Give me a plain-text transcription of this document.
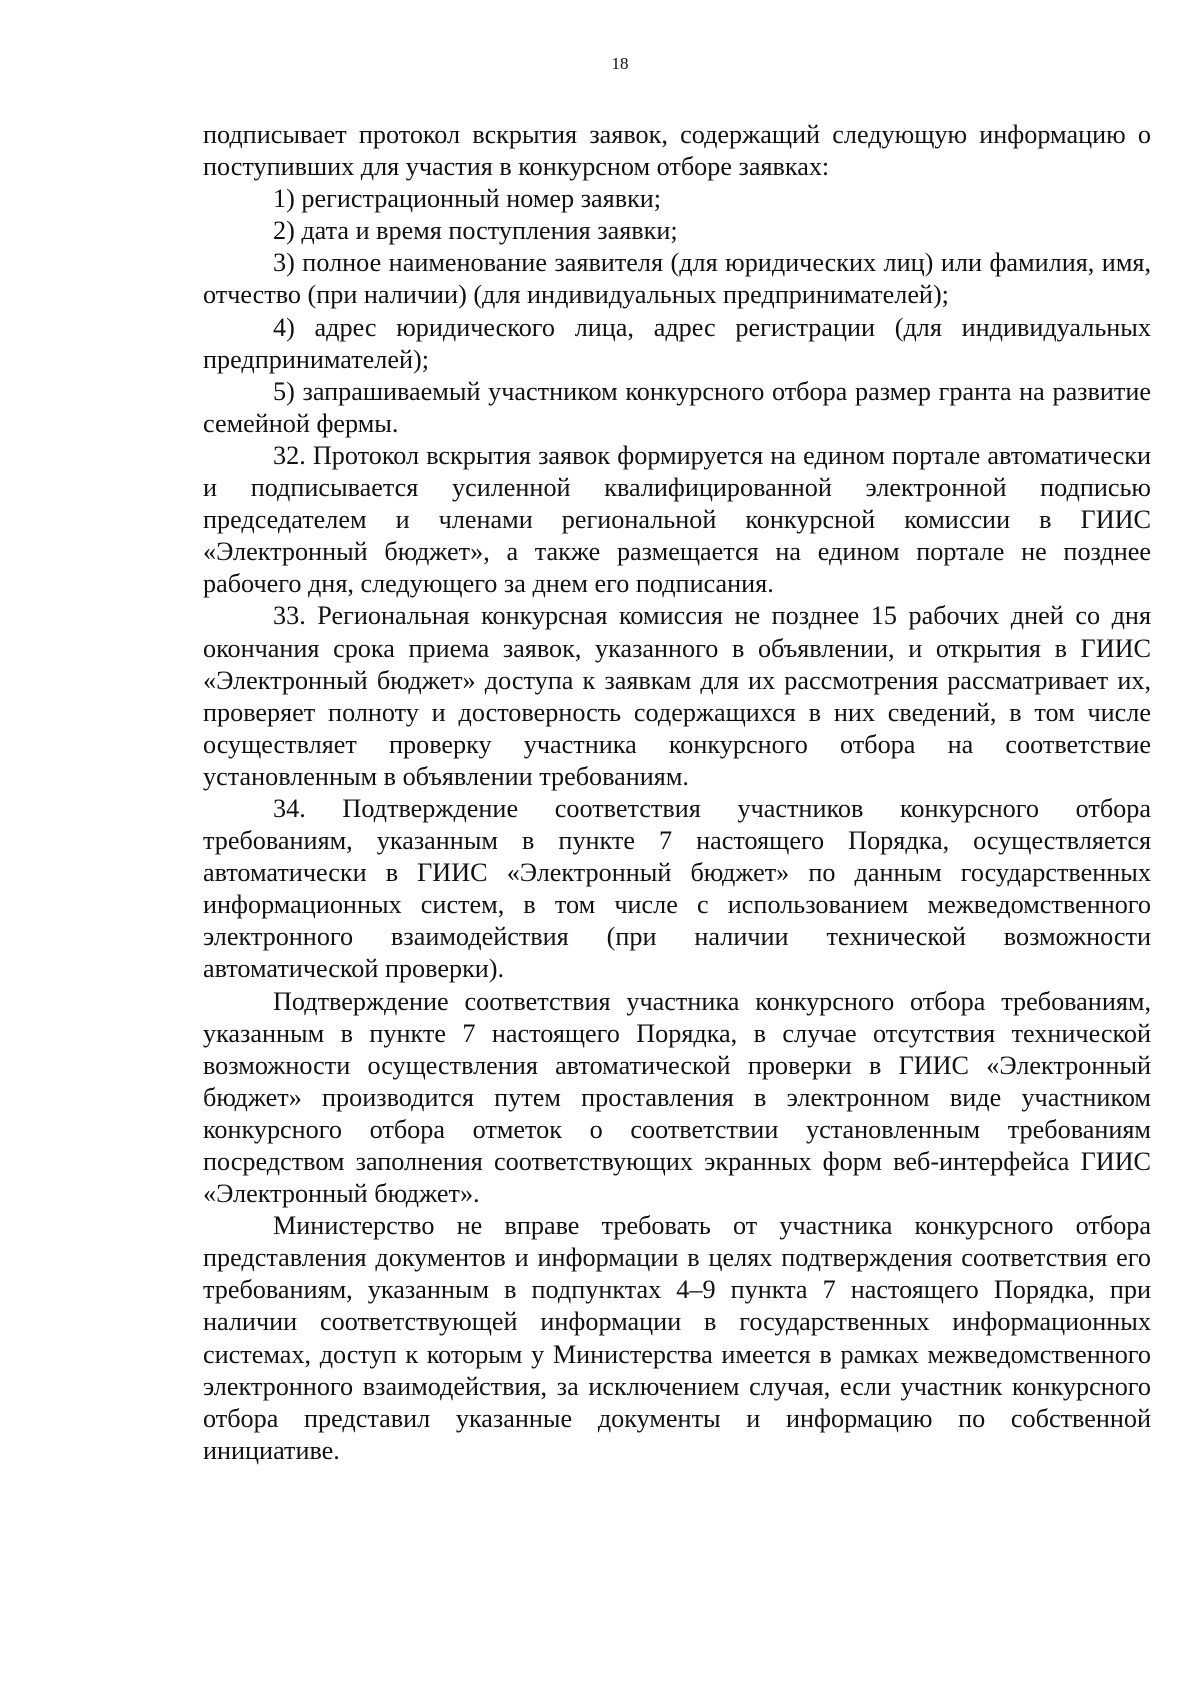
18

подписывает протокол вскрытия заявок, содержащий следующую информацию о поступивших для участия в конкурсном отборе заявках:

1) регистрационный номер заявки;

2) дата и время поступления заявки;

3) полное наименование заявителя (для юридических лиц) или фамилия, имя, отчество (при наличии) (для индивидуальных предпринимателей);

4) адрес юридического лица, адрес регистрации (для индивидуальных предпринимателей);

5) запрашиваемый участником конкурсного отбора размер гранта на развитие семейной фермы.

32. Протокол вскрытия заявок формируется на едином портале автоматически и подписывается усиленной квалифицированной электронной подписью председателем и членами региональной конкурсной комиссии в ГИИС «Электронный бюджет», а также размещается на едином портале не позднее рабочего дня, следующего за днем его подписания.

33. Региональная конкурсная комиссия не позднее 15 рабочих дней со дня окончания срока приема заявок, указанного в объявлении, и открытия в ГИИС «Электронный бюджет» доступа к заявкам для их рассмотрения рассматривает их, проверяет полноту и достоверность содержащихся в них сведений, в том числе осуществляет проверку участника конкурсного отбора на соответствие установленным в объявлении требованиям.

34. Подтверждение соответствия участников конкурсного отбора требованиям, указанным в пункте 7 настоящего Порядка, осуществляется автоматически в ГИИС «Электронный бюджет» по данным государственных информационных систем, в том числе с использованием межведомственного электронного взаимодействия (при наличии технической возможности автоматической проверки).

Подтверждение соответствия участника конкурсного отбора требованиям, указанным в пункте 7 настоящего Порядка, в случае отсутствия технической возможности осуществления автоматической проверки в ГИИС «Электронный бюджет» производится путем проставления в электронном виде участником конкурсного отбора отметок о соответствии установленным требованиям посредством заполнения соответствующих экранных форм веб-интерфейса ГИИС «Электронный бюджет».

Министерство не вправе требовать от участника конкурсного отбора представления документов и информации в целях подтверждения соответствия его требованиям, указанным в подпунктах 4–9 пункта 7 настоящего Порядка, при наличии соответствующей информации в государственных информационных системах, доступ к которым у Министерства имеется в рамках межведомственного электронного взаимодействия, за исключением случая, если участник конкурсного отбора представил указанные документы и информацию по собственной инициативе.
